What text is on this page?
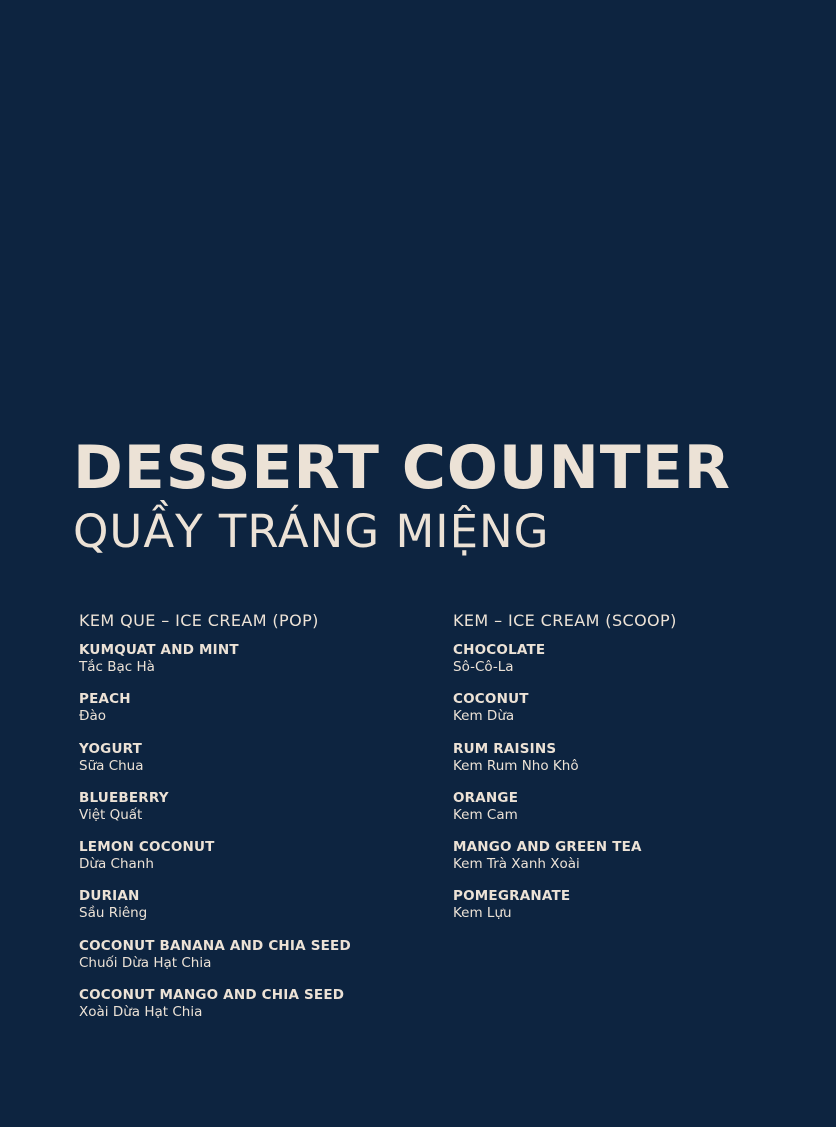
DESSERT COUNTER
QUẦY TRÁNG MIỆNG
KEM QUE – ICE CREAM (POP)
KUMQUAT AND MINT
Tắc Bạc Hà
PEACH
Đào
YOGURT
Sữa Chua
BLUEBERRY
Việt Quất
LEMON COCONUT
Dừa Chanh
DURIAN
Sầu Riêng
COCONUT BANANA AND CHIA SEED
Chuối Dừa Hạt Chia
COCONUT MANGO AND CHIA SEED
Xoài Dừa Hạt Chia
KEM – ICE CREAM (SCOOP)
CHOCOLATE
Sô-Cô-La
COCONUT
Kem Dừa
RUM RAISINS
Kem Rum Nho Khô
ORANGE
Kem Cam
MANGO AND GREEN TEA
Kem Trà Xanh Xoài
POMEGRANATE
Kem Lựu
